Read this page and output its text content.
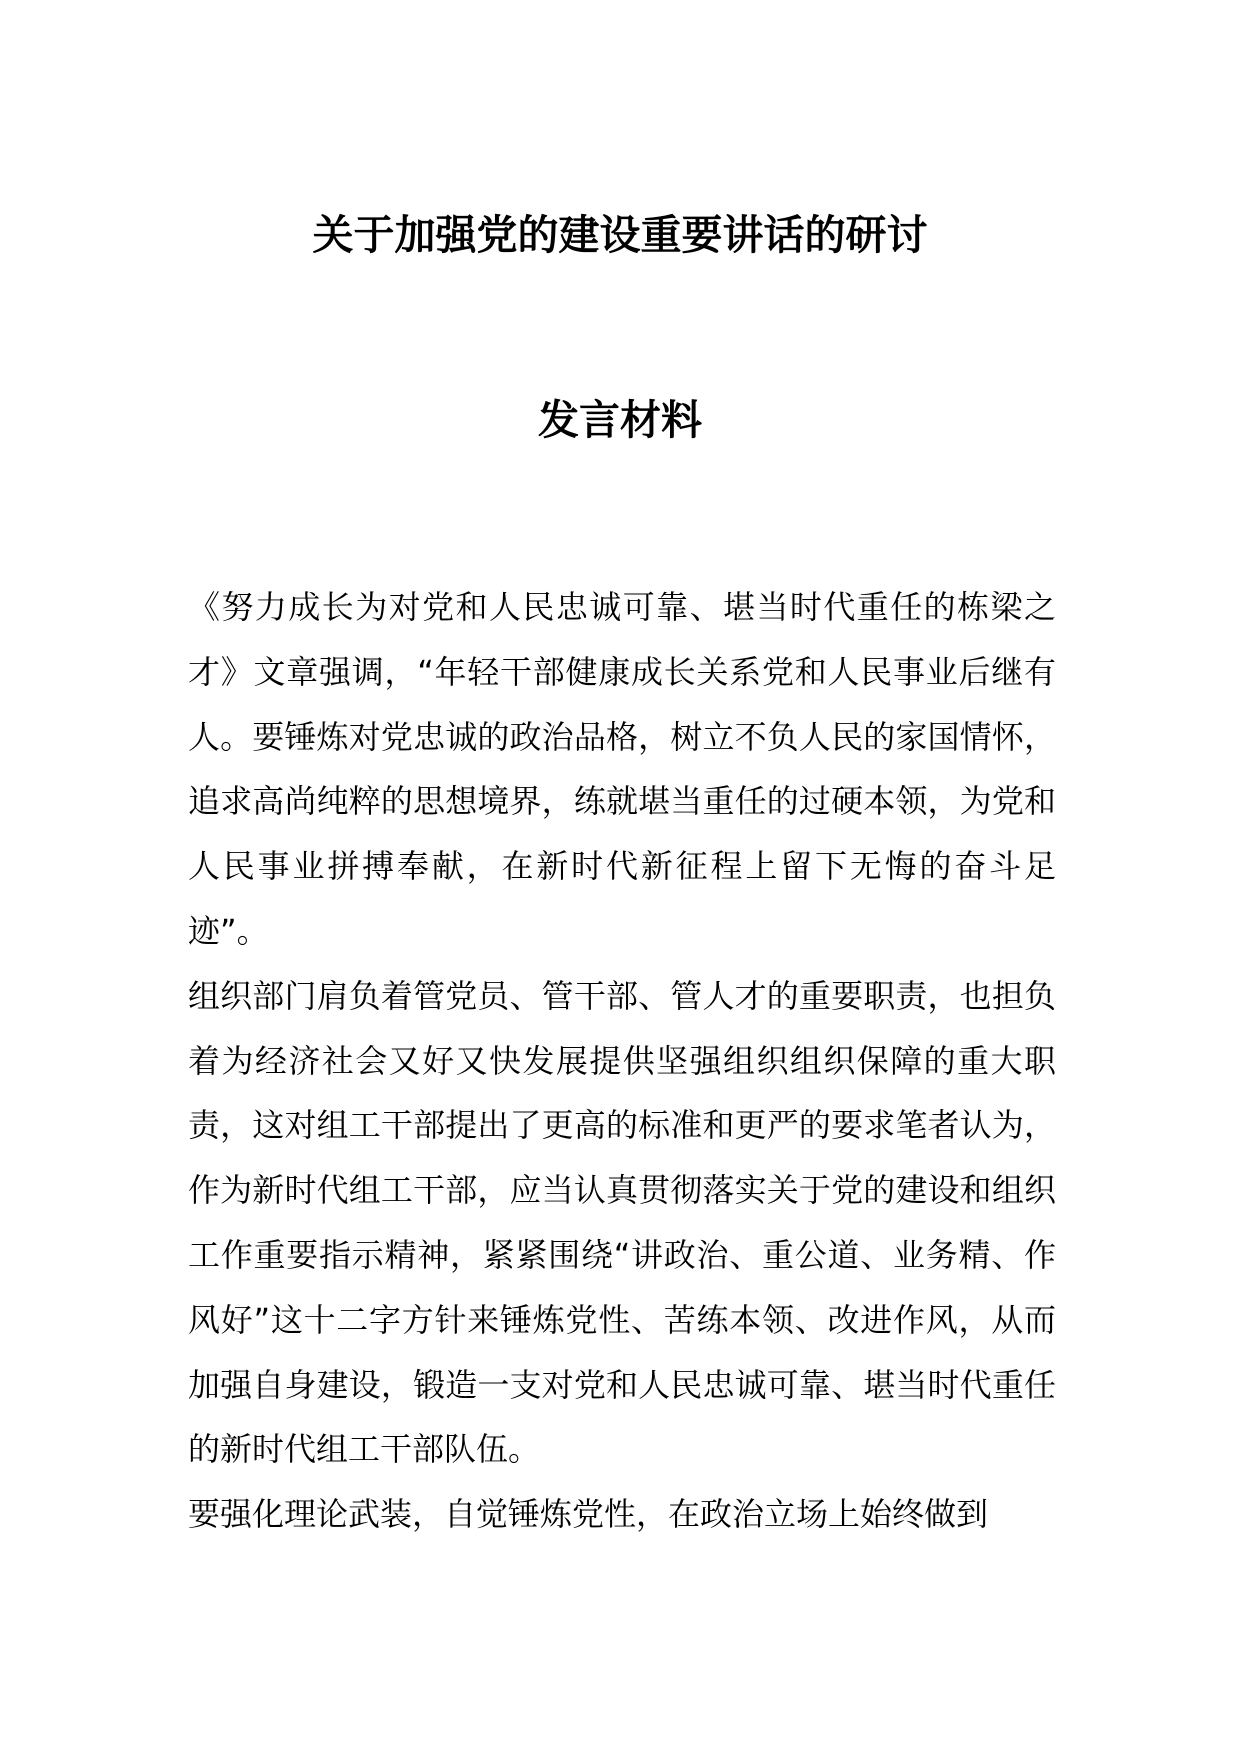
关于加强党的建设重要讲话的研讨
发言材料

《努力成长为对党和人民忠诚可靠、堪当时代重任的栋梁之才》文章强调，“年轻干部健康成长关系党和人民事业后继有人。要锤炼对党忠诚的政治品格，树立不负人民的家国情怀，追求高尚纯粹的思想境界，练就堪当重任的过硬本领，为党和人民事业拼搏奉献，在新时代新征程上留下无悔的奋斗足迹”。

组织部门肩负着管党员、管干部、管人才的重要职责，也担负着为经济社会又好又快发展提供坚强组织组织保障的重大职责，这对组工干部提出了更高的标准和更严的要求笔者认为，作为新时代组工干部，应当认真贯彻落实关于党的建设和组织工作重要指示精神，紧紧围绕“讲政治、重公道、业务精、作风好”这十二字方针来锤炼党性、苦练本领、改进作风，从而加强自身建设，锻造一支对党和人民忠诚可靠、堪当时代重任的新时代组工干部队伍。

要强化理论武装，自觉锤炼党性，在政治立场上始终做到
